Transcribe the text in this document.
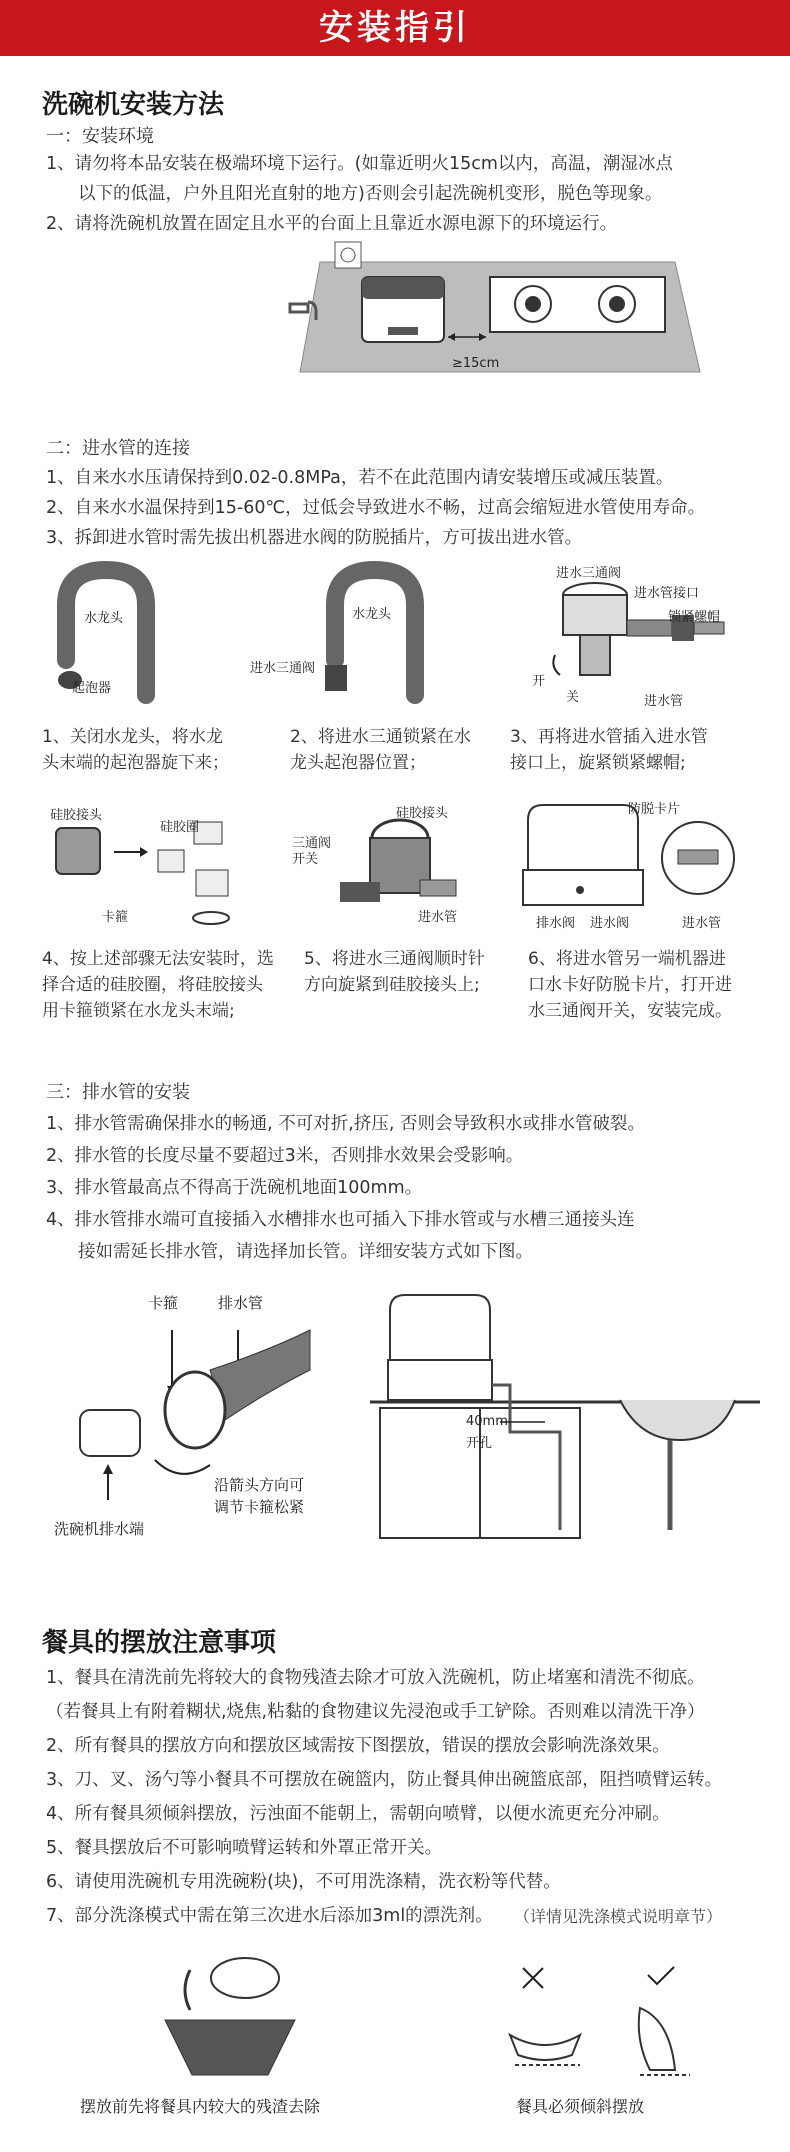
安装指引
洗碗机安装方法
一：安装环境
1、请勿将本品安装在极端环境下运行。(如靠近明火15cm以内，高温，潮湿冰点
以下的低温，户外且阳光直射的地方)否则会引起洗碗机变形，脱色等现象。
2、请将洗碗机放置在固定且水平的台面上且靠近水源电源下的环境运行。
≥15cm
二：进水管的连接
1、自来水水压请保持到0.02-0.8MPa，若不在此范围内请安装增压或减压装置。
2、自来水水温保持到15-60℃，过低会导致进水不畅，过高会缩短进水管使用寿命。
3、拆卸进水管时需先拔出机器进水阀的防脱插片，方可拔出进水管。
水龙头
起泡器
水龙头
进水三通阀
进水三通阀
进水管接口
锁紧螺帽
开
关	进水管
1、关闭水龙头，将水龙
头末端的起泡器旋下来；
2、将进水三通锁紧在水
龙头起泡器位置；
3、再将进水管插入进水管
接口上，旋紧锁紧螺帽;
硅胶接头
硅胶圈
卡箍
硅胶接头
三通阀
开关
进水管
防脱卡片
排水阀 进水阀	进水管
4、按上述部骤无法安装时，选
择合适的硅胶圈，将硅胶接头
用卡箍锁紧在水龙头末端;
5、将进水三通阀顺时针
方向旋紧到硅胶接头上;
6、将进水管另一端机器进
口水卡好防脱卡片，打开进
水三通阀开关，安装完成。
三：排水管的安装
1、排水管需确保排水的畅通, 不可对折,挤压, 否则会导致积水或排水管破裂。
2、排水管的长度尽量不要超过3米，否则排水效果会受影响。
3、排水管最高点不得高于洗碗机地面100mm。
4、排水管排水端可直接插入水槽排水也可插入下排水管或与水槽三通接头连
接如需延长排水管，请选择加长管。详细安装方式如下图。
卡箍	排水管
沿箭头方向可
调节卡箍松紧
洗碗机排水端
40mm
开孔
餐具的摆放注意事项
1、餐具在清洗前先将较大的食物残渣去除才可放入洗碗机，防止堵塞和清洗不彻底。
（若餐具上有附着糊状,烧焦,粘黏的食物建议先浸泡或手工铲除。否则难以清洗干净）
2、所有餐具的摆放方向和摆放区域需按下图摆放，错误的摆放会影响洗涤效果。
3、刀、叉、汤勺等小餐具不可摆放在碗篮内，防止餐具伸出碗篮底部，阻挡喷臂运转。
4、所有餐具须倾斜摆放，污浊面不能朝上，需朝向喷臂，以便水流更充分冲刷。
5、餐具摆放后不可影响喷臂运转和外罩正常开关。
6、请使用洗碗机专用洗碗粉(块)，不可用洗涤精，洗衣粉等代替。
7、部分洗涤模式中需在第三次进水后添加3ml的漂洗剂。 （详情见洗涤模式说明章节）
摆放前先将餐具内较大的残渣去除	餐具必须倾斜摆放
